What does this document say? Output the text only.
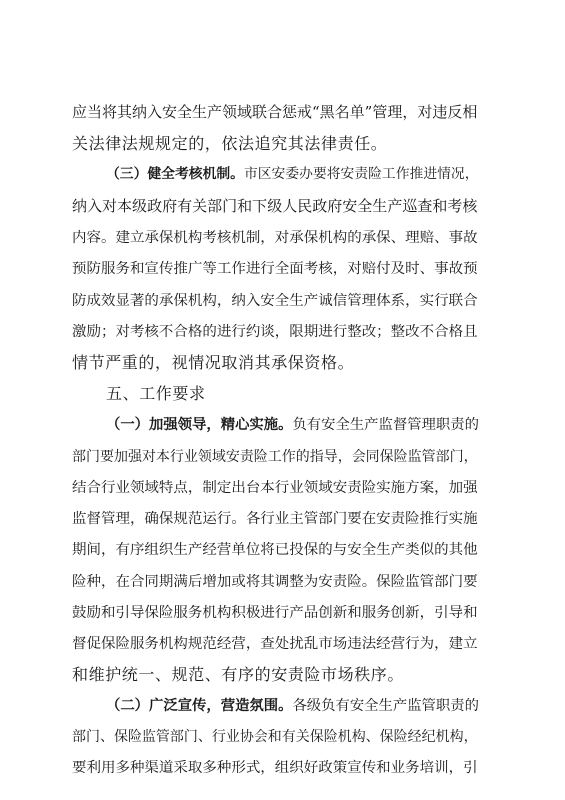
应当将其纳入安全生产领域联合惩戒“黑名单”管理，对违反相
关法律法规规定的，依法追究其法律责任。
（三）健全考核机制。市区安委办要将安责险工作推进情况，
纳入对本级政府有关部门和下级人民政府安全生产巡查和考核
内容。建立承保机构考核机制，对承保机构的承保、理赔、事故
预防服务和宣传推广等工作进行全面考核，对赔付及时、事故预
防成效显著的承保机构，纳入安全生产诚信管理体系，实行联合
激励；对考核不合格的进行约谈，限期进行整改；整改不合格且
情节严重的，视情况取消其承保资格。
五、工作要求
（一）加强领导，精心实施。负有安全生产监督管理职责的
部门要加强对本行业领域安责险工作的指导，会同保险监管部门，
结合行业领域特点，制定出台本行业领域安责险实施方案，加强
监督管理，确保规范运行。各行业主管部门要在安责险推行实施
期间，有序组织生产经营单位将已投保的与安全生产类似的其他
险种，在合同期满后增加或将其调整为安责险。保险监管部门要
鼓励和引导保险服务机构积极进行产品创新和服务创新，引导和
督促保险服务机构规范经营，查处扰乱市场违法经营行为，建立
和维护统一、规范、有序的安责险市场秩序。
（二）广泛宣传，营造氛围。各级负有安全生产监管职责的
部门、保险监管部门、行业协会和有关保险机构、保险经纪机构，
要利用多种渠道采取多种形式，组织好政策宣传和业务培训，引
